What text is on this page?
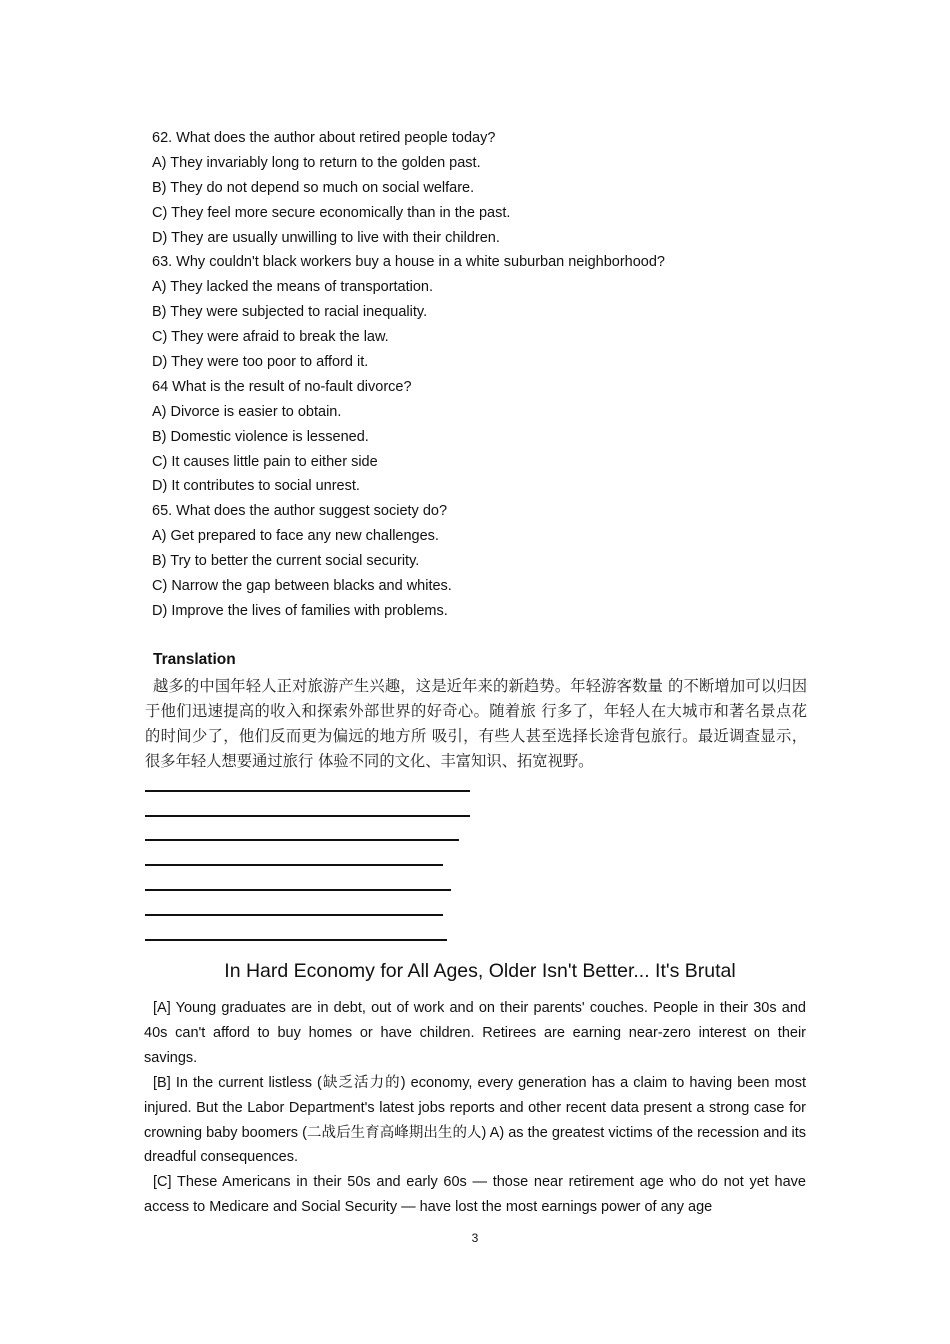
62. What does the author about retired people today?
A) They invariably long to return to the golden past.
B) They do not depend so much on social welfare.
C) They feel more secure economically than in the past.
D) They are usually unwilling to live with their children.
63. Why couldn't black workers buy a house in a white suburban neighborhood?
A) They lacked the means of transportation.
B) They were subjected to racial inequality.
C) They were afraid to break the law.
D) They were too poor to afford it.
64 What is the result of no-fault divorce?
A) Divorce is easier to obtain.
B) Domestic violence is lessened.
C) It causes little pain to either side
D) It contributes to social unrest.
65. What does the author suggest society do?
A) Get prepared to face any new challenges.
B) Try to better the current social security.
C) Narrow the gap between blacks and whites.
D) Improve the lives of families with problems.
Translation
越多的中国年轻人正对旅游产生兴趣，这是近年来的新趋势。年轻游客数量 的不断增加可以归因于他们迅速提高的收入和探索外部世界的好奇心。随着旅 行多了，年轻人在大城市和著名景点花的时间少了，他们反而更为偏远的地方所 吸引，有些人甚至选择长途背包旅行。最近调查显示，很多年轻人想要通过旅行 体验不同的文化、丰富知识、拓宽视野。
In Hard Economy for All Ages, Older Isn't Better... It's Brutal

[A] Young graduates are in debt, out of work and on their parents' couches. People in their 30s and 40s can't afford to buy homes or have children. Retirees are earning near-zero interest on their savings.

[B] In the current listless (缺乏活力的) economy, every generation has a claim to having been most injured. But the Labor Department's latest jobs reports and other recent data present a strong case for crowning baby boomers (二战后生育高峰期出生的人) A) as the greatest victims of the recession and its dreadful consequences.

[C] These Americans in their 50s and early 60s — those near retirement age who do not yet have access to Medicare and Social Security — have lost the most earnings power of any age

3
